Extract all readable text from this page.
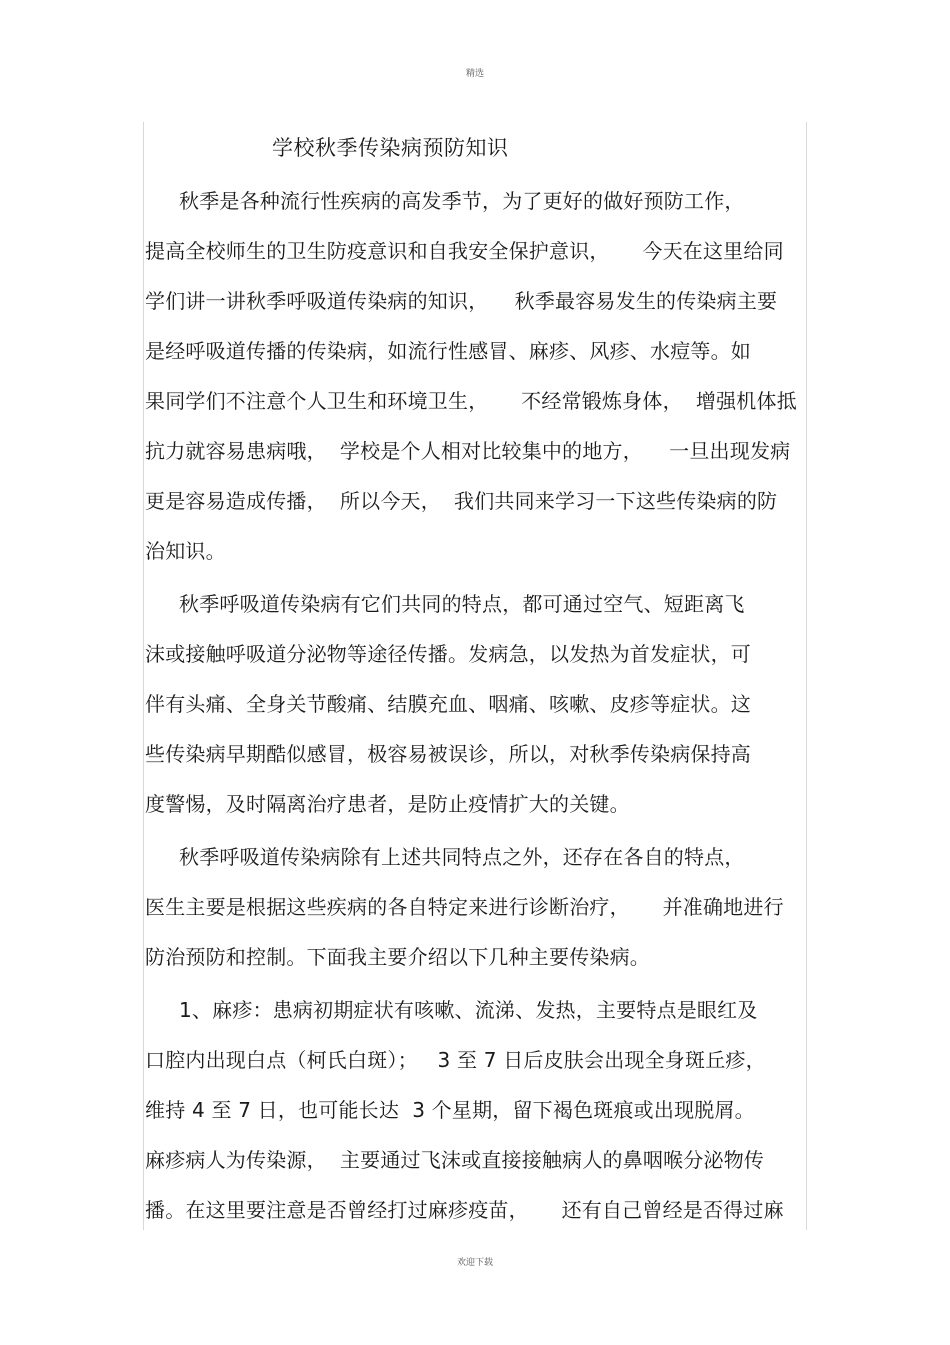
精选
学校秋季传染病预防知识
秋季是各种流行性疾病的高发季节，为了更好的做好预防工作，
提高全校师生的卫生防疫意识和自我安全保护意识，     今天在这里给同
学们讲一讲秋季呼吸道传染病的知识，    秋季最容易发生的传染病主要
是经呼吸道传播的传染病，如流行性感冒、麻疹、风疹、水痘等。如
果同学们不注意个人卫生和环境卫生，     不经常锻炼身体，  增强机体抵
抗力就容易患病哦，  学校是个人相对比较集中的地方，    一旦出现发病
更是容易造成传播，  所以今天，  我们共同来学习一下这些传染病的防
治知识。
秋季呼吸道传染病有它们共同的特点，都可通过空气、短距离飞
沫或接触呼吸道分泌物等途径传播。发病急，以发热为首发症状，可
伴有头痛、全身关节酸痛、结膜充血、咽痛、咳嗽、皮疹等症状。这
些传染病早期酷似感冒，极容易被误诊，所以，对秋季传染病保持高
度警惕，及时隔离治疗患者，是防止疫情扩大的关键。
秋季呼吸道传染病除有上述共同特点之外，还存在各自的特点，
医生主要是根据这些疾病的各自特定来进行诊断治疗，     并准确地进行
防治预防和控制。下面我主要介绍以下几种主要传染病。
1、麻疹：患病初期症状有咳嗽、流涕、发热，主要特点是眼红及
口腔内出现白点（柯氏白斑）；   3 至 7 日后皮肤会出现全身斑丘疹，
维持 4 至 7 日，也可能长达  3 个星期，留下褐色斑痕或出现脱屑。
麻疹病人为传染源，  主要通过飞沫或直接接触病人的鼻咽喉分泌物传
播。在这里要注意是否曾经打过麻疹疫苗，     还有自己曾经是否得过麻
欢迎下载
